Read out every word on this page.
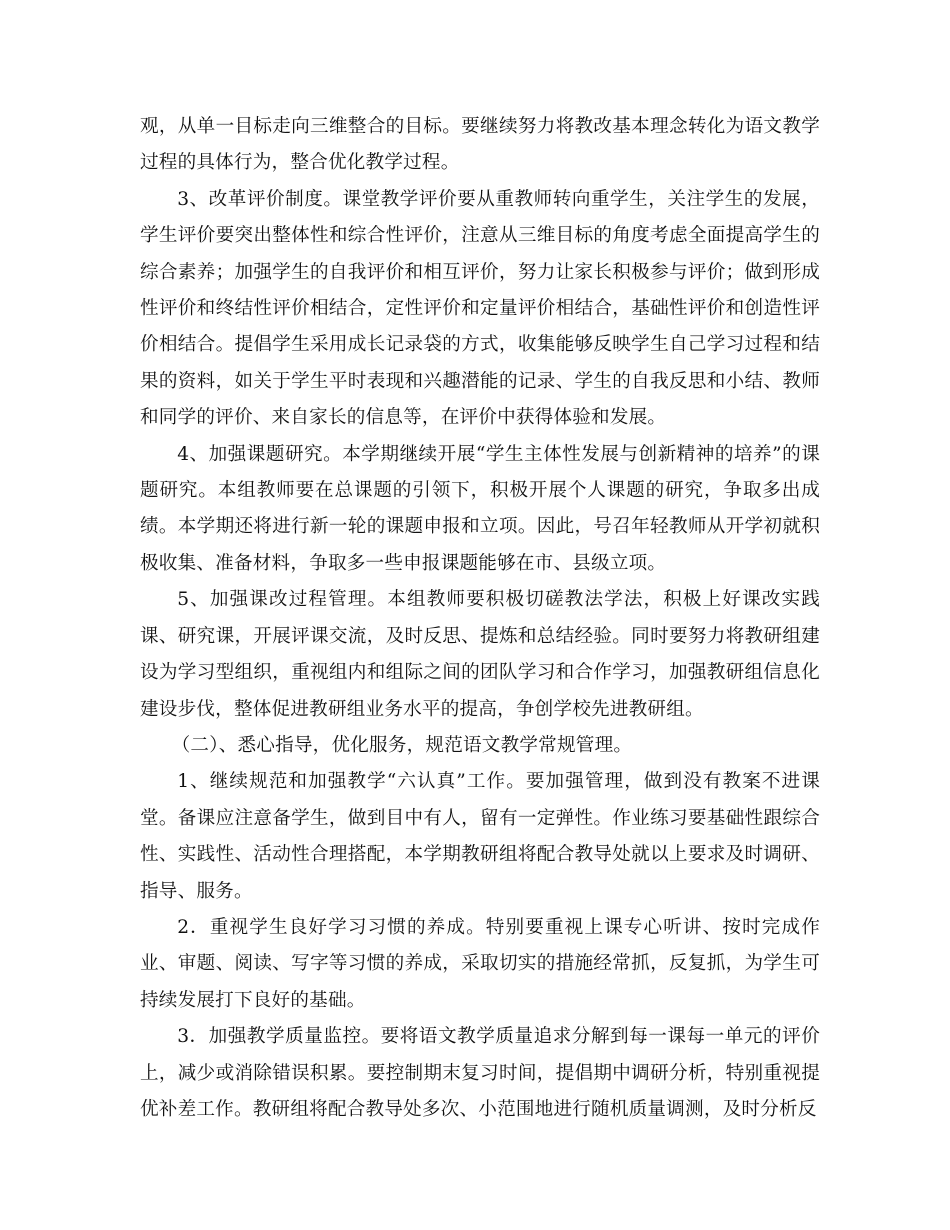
观，从单一目标走向三维整合的目标。要继续努力将教改基本理念转化为语文教学过程的具体行为，整合优化教学过程。

3、改革评价制度。课堂教学评价要从重教师转向重学生，关注学生的发展，学生评价要突出整体性和综合性评价，注意从三维目标的角度考虑全面提高学生的综合素养；加强学生的自我评价和相互评价，努力让家长积极参与评价；做到形成性评价和终结性评价相结合，定性评价和定量评价相结合，基础性评价和创造性评价相结合。提倡学生采用成长记录袋的方式，收集能够反映学生自己学习过程和结果的资料，如关于学生平时表现和兴趣潜能的记录、学生的自我反思和小结、教师和同学的评价、来自家长的信息等，在评价中获得体验和发展。

4、加强课题研究。本学期继续开展“学生主体性发展与创新精神的培养”的课题研究。本组教师要在总课题的引领下，积极开展个人课题的研究，争取多出成绩。本学期还将进行新一轮的课题申报和立项。因此，号召年轻教师从开学初就积极收集、准备材料，争取多一些申报课题能够在市、县级立项。

5、加强课改过程管理。本组教师要积极切磋教法学法，积极上好课改实践课、研究课，开展评课交流，及时反思、提炼和总结经验。同时要努力将教研组建设为学习型组织，重视组内和组际之间的团队学习和合作学习，加强教研组信息化建设步伐，整体促进教研组业务水平的提高，争创学校先进教研组。

（二）、悉心指导，优化服务，规范语文教学常规管理。

1、继续规范和加强教学“六认真”工作。要加强管理，做到没有教案不进课堂。备课应注意备学生，做到目中有人，留有一定弹性。作业练习要基础性跟综合性、实践性、活动性合理搭配，本学期教研组将配合教导处就以上要求及时调研、指导、服务。

2．重视学生良好学习习惯的养成。特别要重视上课专心听讲、按时完成作业、审题、阅读、写字等习惯的养成，采取切实的措施经常抓，反复抓，为学生可持续发展打下良好的基础。

3．加强教学质量监控。要将语文教学质量追求分解到每一课每一单元的评价上，减少或消除错误积累。要控制期末复习时间，提倡期中调研分析，特别重视提优补差工作。教研组将配合教导处多次、小范围地进行随机质量调测，及时分析反
